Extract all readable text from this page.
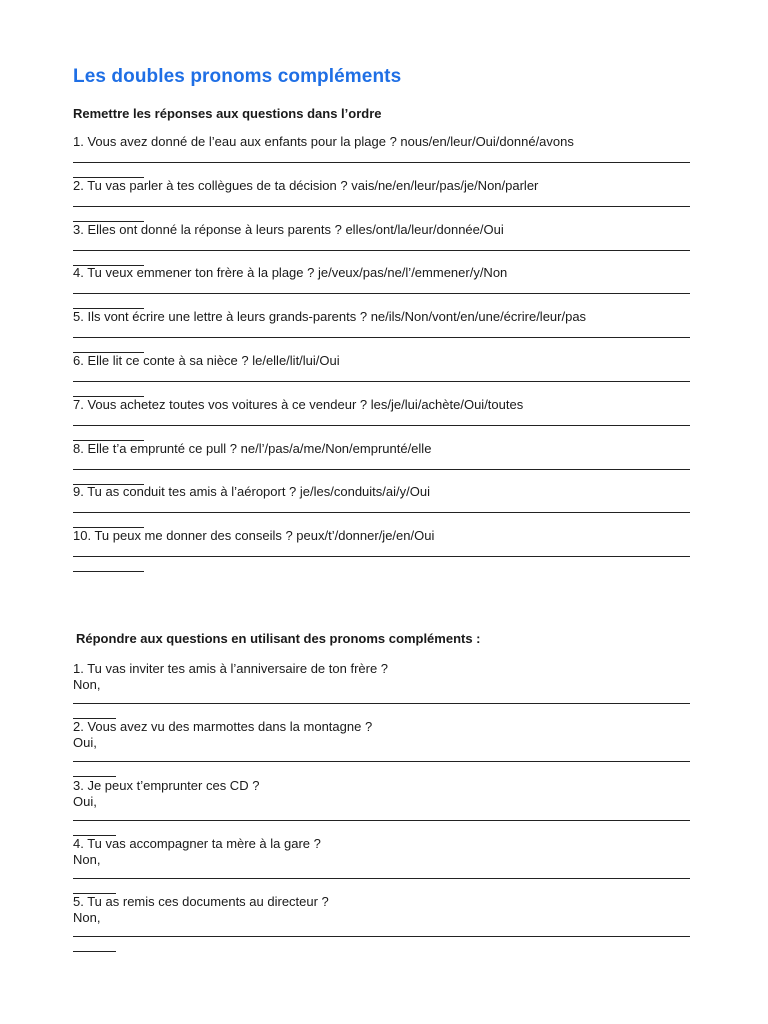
Les doubles pronoms compléments

Remettre les réponses aux questions dans l’ordre

1. Vous avez donné de l’eau aux enfants pour la plage ? nous/en/leur/Oui/donné/avons
2. Tu vas parler à tes collègues de ta décision ? vais/ne/en/leur/pas/je/Non/parler
3. Elles ont donné la réponse à leurs parents ? elles/ont/la/leur/donnée/Oui
4. Tu veux emmener ton frère à la plage ? je/veux/pas/ne/l’/emmener/y/Non
5. Ils vont écrire une lettre à leurs grands-parents ? ne/ils/Non/vont/en/une/écrire/leur/pas
6. Elle lit ce conte à sa nièce ? le/elle/lit/lui/Oui
7. Vous achetez toutes vos voitures à ce vendeur ? les/je/lui/achète/Oui/toutes
8. Elle t’a emprunté ce pull ? ne/l’/pas/a/me/Non/emprunté/elle
9. Tu as conduit tes amis à l’aéroport ? je/les/conduits/ai/y/Oui
10. Tu peux me donner des conseils ? peux/t’/donner/je/en/Oui

Répondre aux questions en utilisant des pronoms compléments :

1. Tu vas inviter tes amis à l’anniversaire de ton frère ?
Non,
2. Vous avez vu des marmottes dans la montagne ?
Oui,
3. Je peux t’emprunter ces CD ?
Oui,
4. Tu vas accompagner ta mère à la gare ?
Non,
5. Tu as remis ces documents au directeur ?
Non,
